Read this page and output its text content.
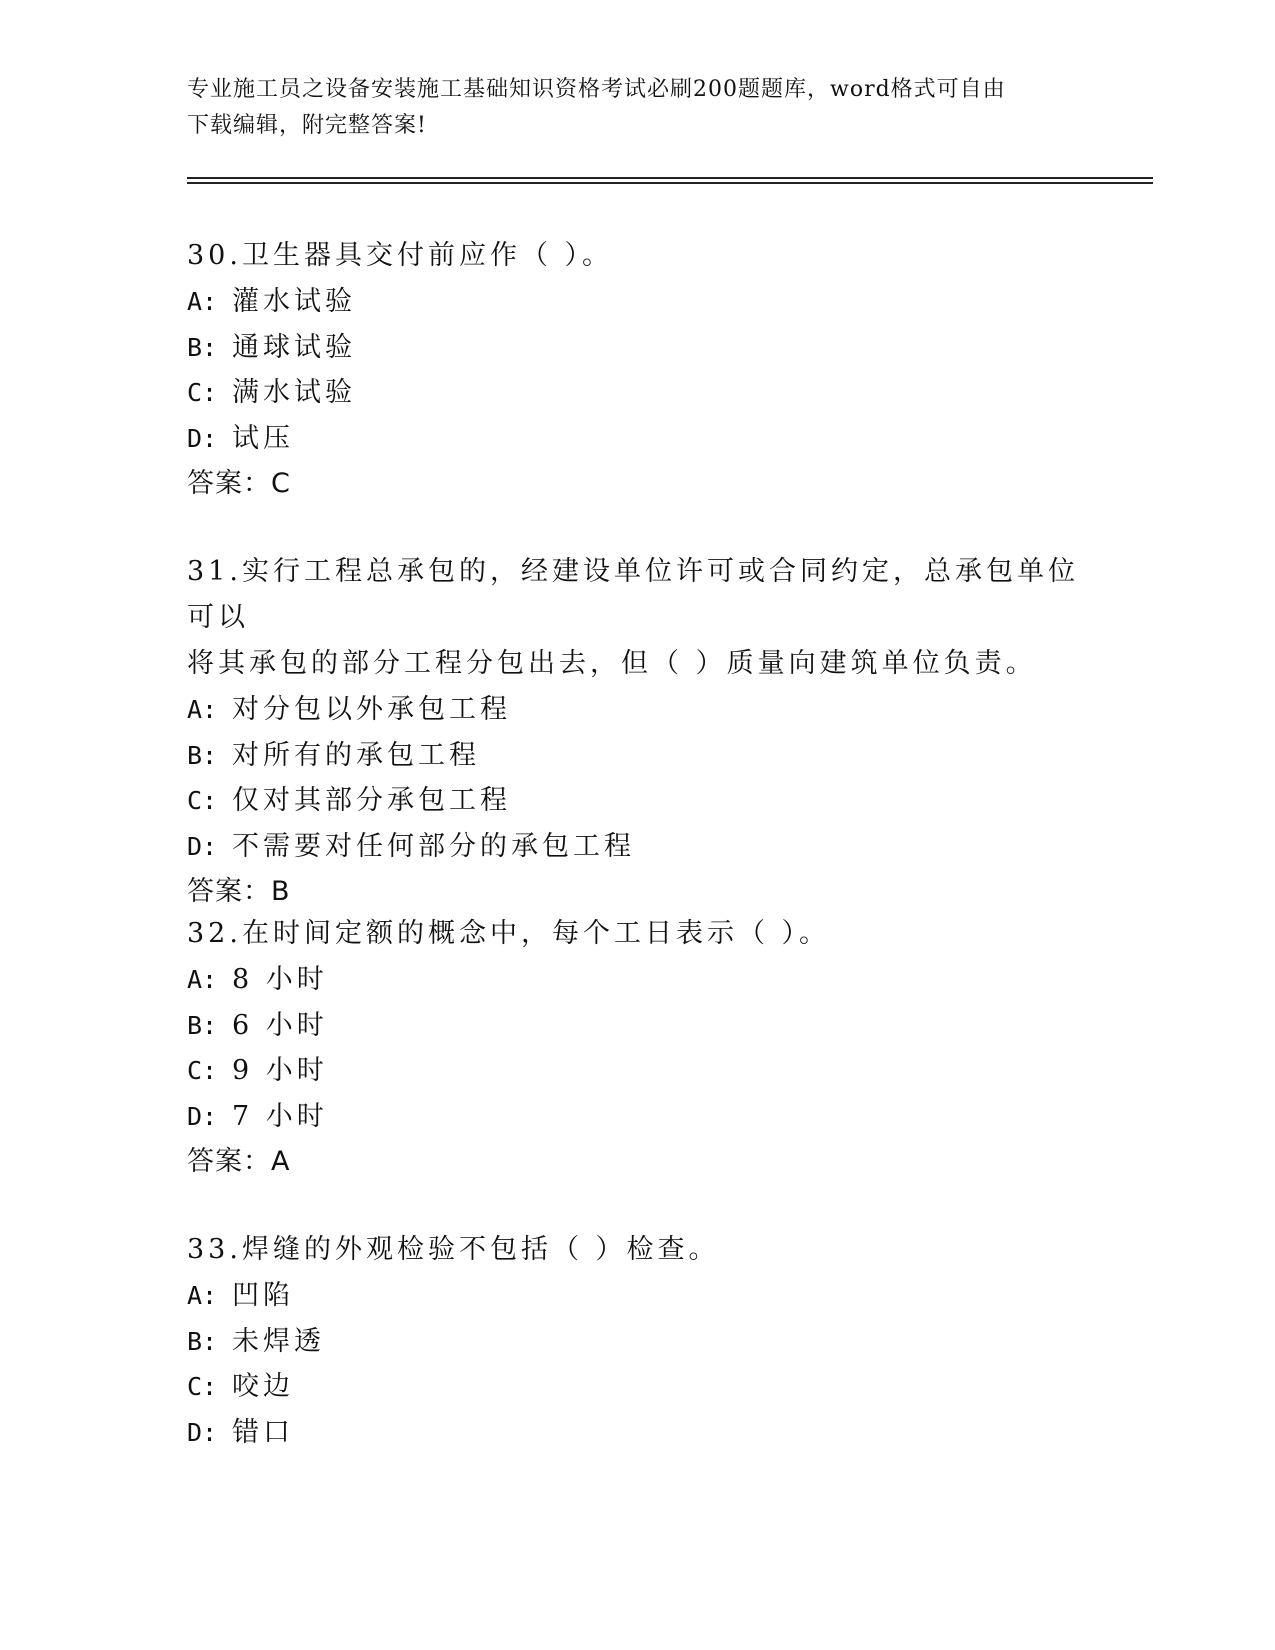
专业施工员之设备安装施工基础知识资格考试必刷200题题库，word格式可自由
下载编辑，附完整答案!
30.卫生器具交付前应作（ ）。
A: 灌水试验
B: 通球试验
C: 满水试验
D: 试压
答案：C
31.实行工程总承包的，经建设单位许可或合同约定，总承包单位可以
将其承包的部分工程分包出去，但（ ）质量向建筑单位负责。
A: 对分包以外承包工程
B: 对所有的承包工程
C: 仅对其部分承包工程
D: 不需要对任何部分的承包工程
答案：B
32.在时间定额的概念中，每个工日表示（ ）。
A: 8 小时
B: 6 小时
C: 9 小时
D: 7 小时
答案：A
33.焊缝的外观检验不包括（ ）检查。
A: 凹陷
B: 未焊透
C: 咬边
D: 错口
